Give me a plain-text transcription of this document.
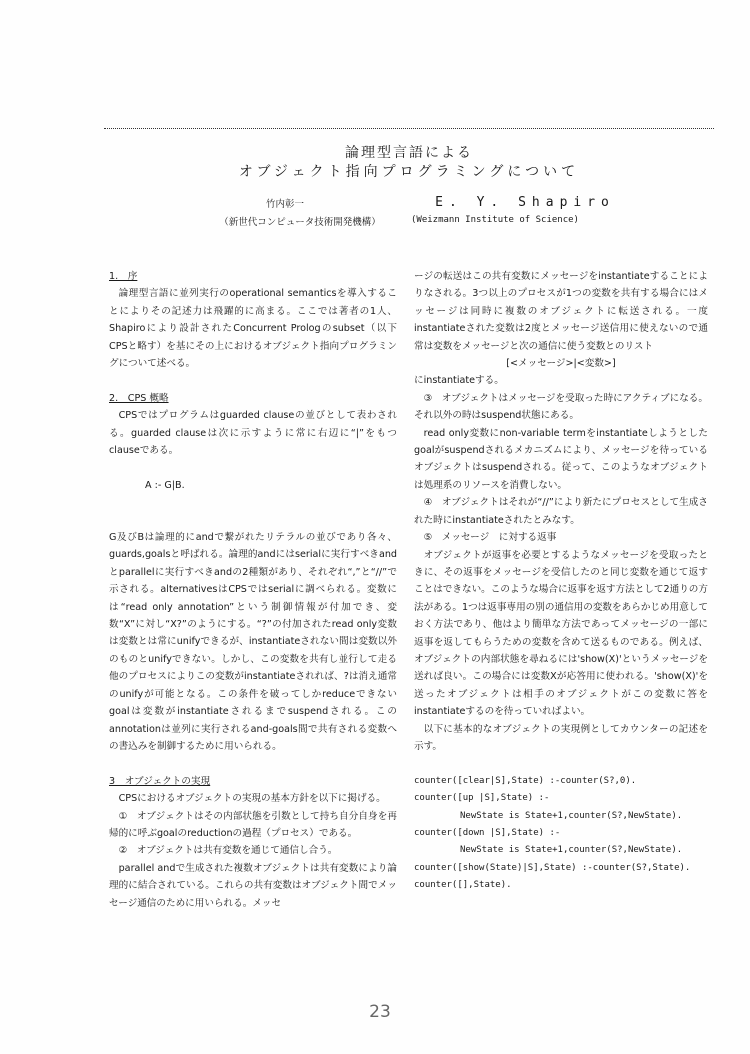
論理型言語による
オブジェクト指向プログラミングについて
竹内彰一
（新世代コンピュータ技術開発機構）
E. Y. Shapiro
(Weizmann Institute of Science)

1.　序

論理型言語に並列実行のoperational semanticsを導入することによりその記述力は飛躍的に高まる。ここでは著者の1人、Shapiroにより設計されたConcurrent Prologのsubset（以下 CPSと略す）を基にその上におけるオブジェクト指向プログラミングについて述べる。

2.　CPS 概略

CPSではプログラムはguarded clauseの並びとして表わされる。guarded clauseは次に示すように常に右辺に“|”をもつclauseである。

A :- G|B.

G及びBは論理的にandで繋がれたリテラルの並びであり各々、guards,goalsと呼ばれる。論理的andにはserialに実行すべきandとparallelに実行すべきandの2種類があり、それぞれ“,”と“//”で示される。alternativesはCPSではserialに調べられる。変数には“read only annotation”という制御情報が付加でき、変数“X”に対し“X?”のようにする。“?”の付加されたread only変数は変数とは常にunifyできるが、instantiateされない間は変数以外のものとunifyできない。しかし、この変数を共有し並行して走る他のプロセスによりこの変数がinstantiateされれば、?は消え通常のunifyが可能となる。この条件を破ってしかreduceできないgoalは変数がinstantiateされるまでsuspendされる。このannotationは並列に実行されるand-goals間で共有される変数への書込みを制御するために用いられる。

3　オブジェクトの実現

CPSにおけるオブジェクトの実現の基本方針を以下に掲げる。

①　オブジェクトはその内部状態を引数として持ち自分自身を再帰的に呼ぶgoalのreductionの過程（プロセス）である。

②　オブジェクトは共有変数を通じて通信し合う。

parallel andで生成された複数オブジェクトは共有変数により論理的に結合されている。これらの共有変数はオブジェクト間でメッセージ通信のために用いられる。メッセ

ージの転送はこの共有変数にメッセージをinstantiateすることによりなされる。3つ以上のプロセスが1つの変数を共有する場合にはメッセージは同時に複数のオブジェクトに転送される。一度instantiateされた変数は2度とメッセージ送信用に使えないので通常は変数をメッセージと次の通信に使う変数とのリスト

[<メッセージ>|<変数>]

にinstantiateする。

③　オブジェクトはメッセージを受取った時にアクティブになる。それ以外の時はsuspend状態にある。

read only変数にnon-variable termをinstantiateしようとしたgoalがsuspendされるメカニズムにより、メッセージを待っているオブジェクトはsuspendされる。従って、このようなオブジェクトは処理系のリソースを消費しない。

④　オブジェクトはそれが“//”により新たにプロセスとして生成された時にinstantiateされたとみなす。

⑤　メッセージ　に対する返事

オブジェクトが返事を必要とするようなメッセージを受取ったときに、その返事をメッセージを受信したのと同じ変数を通じて返すことはできない。このような場合に返事を返す方法として2通りの方法がある。1つは返事専用の別の通信用の変数をあらかじめ用意しておく方法であり、他はより簡単な方法であってメッセージの一部に返事を返してもらうための変数を含めて送るものである。例えば、オブジェクトの内部状態を尋ねるには'show(X)'というメッセージを送れば良い。この場合には変数Xが応答用に使われる。'show(X)'を送ったオブジェクトは相手のオブジェクトがこの変数に答をinstantiateするのを待っていればよい。

以下に基本的なオブジェクトの実現例としてカウンターの記述を示す。

counter([clear|S],State) :-counter(S?,0).

counter([up |S],State) :-

NewState is State+1,counter(S?,NewState).

counter([down |S],State) :-

NewState is State+1,counter(S?,NewState).

counter([show(State)|S],State) :-counter(S?,State).

counter([],State).

23
